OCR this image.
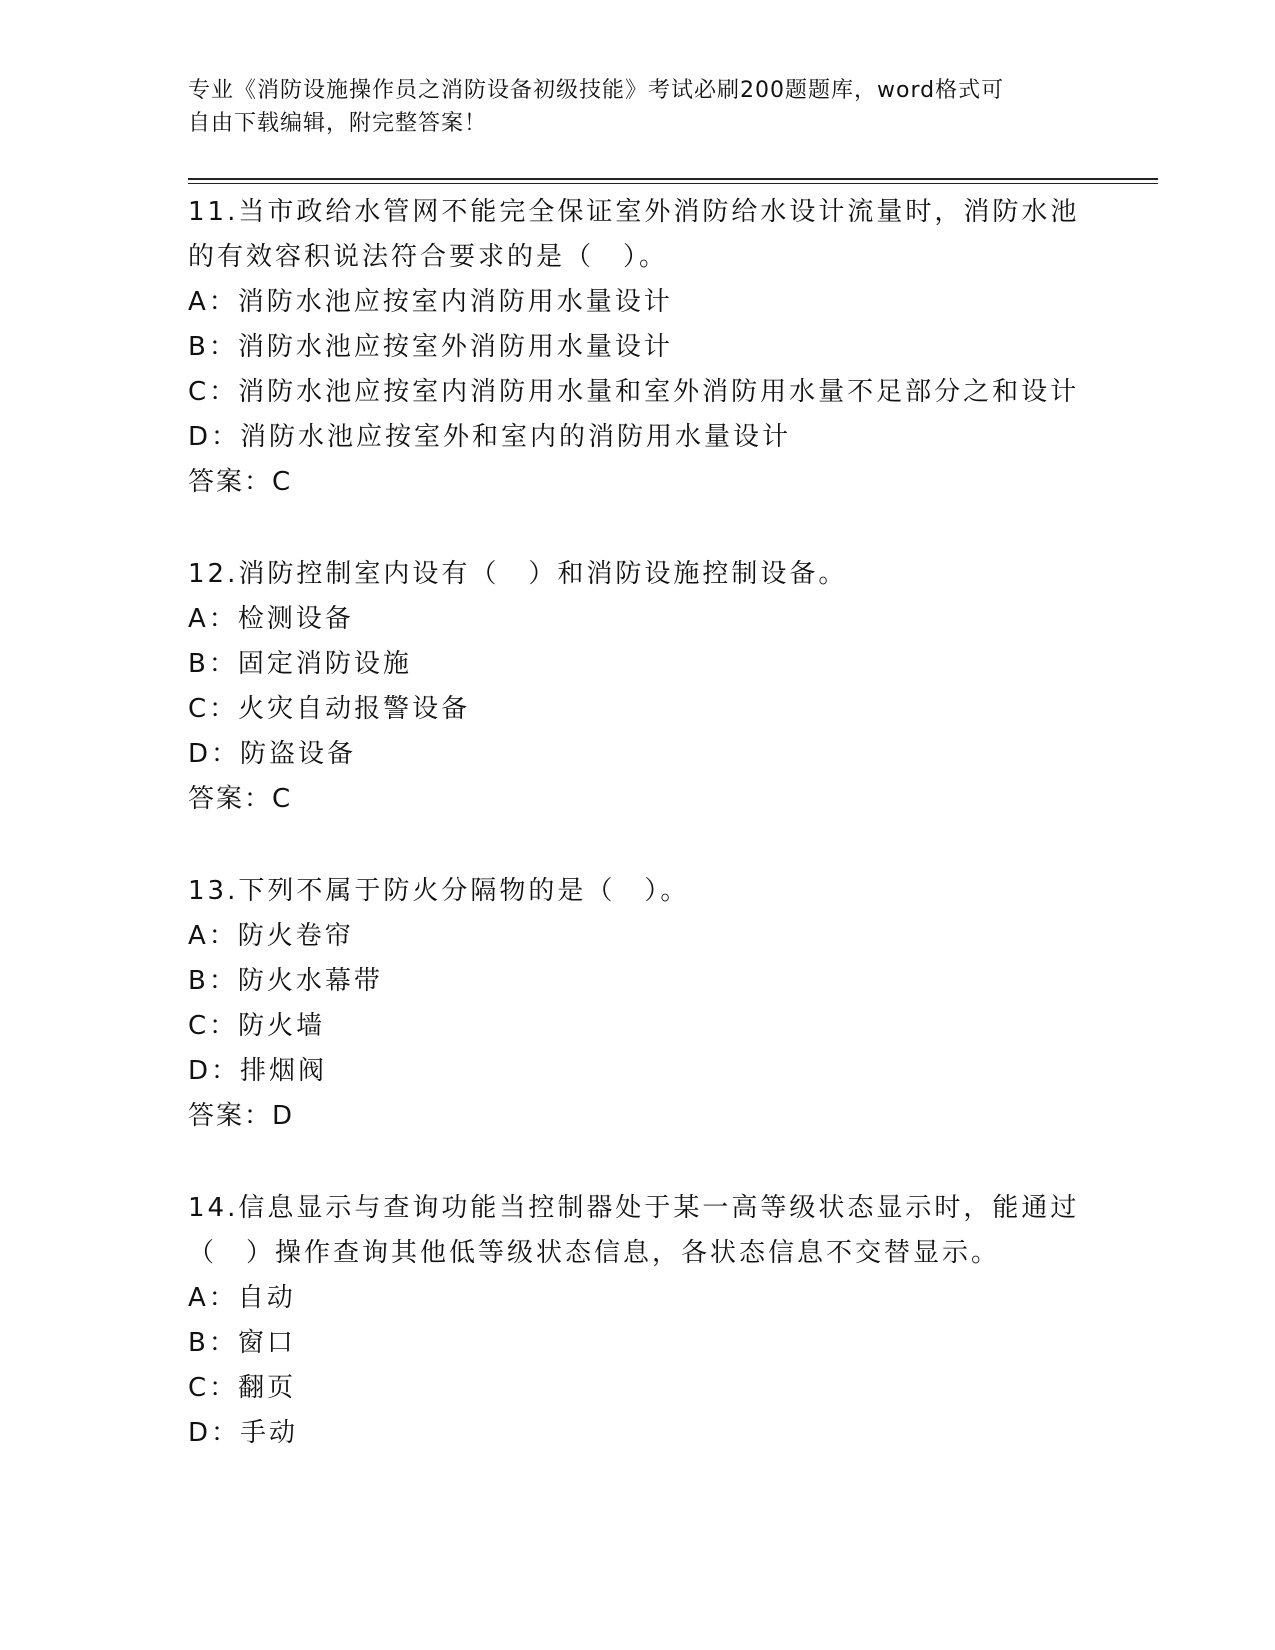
专业《消防设施操作员之消防设备初级技能》考试必刷200题题库，word格式可
自由下载编辑，附完整答案！

11.当市政给水管网不能完全保证室外消防给水设计流量时，消防水池的有效容积说法符合要求的是（　）。

A：消防水池应按室内消防用水量设计

B：消防水池应按室外消防用水量设计

C：消防水池应按室内消防用水量和室外消防用水量不足部分之和设计

D：消防水池应按室外和室内的消防用水量设计

答案：C

12.消防控制室内设有（　）和消防设施控制设备。

A：检测设备

B：固定消防设施

C：火灾自动报警设备

D：防盗设备

答案：C

13.下列不属于防火分隔物的是（　）。

A：防火卷帘

B：防火水幕带

C：防火墙

D：排烟阀

答案：D

14.信息显示与查询功能当控制器处于某一高等级状态显示时，能通过（　）操作查询其他低等级状态信息，各状态信息不交替显示。

A：自动

B：窗口

C：翻页

D：手动
